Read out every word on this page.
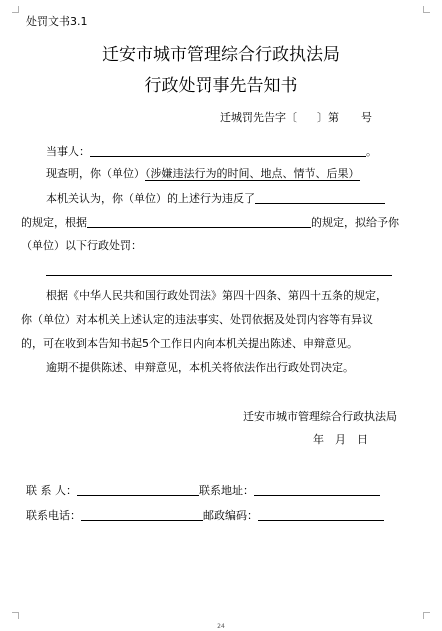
处罚文书3.1
迁安市城市管理综合行政执法局
行政处罚事先告知书
迁城罚先告字〔 〕第 号
当事人：	。
现查明，你（单位）（涉嫌违法行为的时间、地点、情节、后果）
本机关认为，你（单位）的上述行为违反了
的规定，根据	的规定，拟给予你
（单位）以下行政处罚：
根据《中华人民共和国行政处罚法》第四十四条、第四十五条的规定，
你（单位）对本机关上述认定的违法事实、处罚依据及处罚内容等有异议
的，可在收到本告知书起5个工作日内向本机关提出陈述、申辩意见。
逾期不提供陈述、申辩意见，本机关将依法作出行政处罚决定。
迁安市城市管理综合行政执法局
年　月　日
联 系 人：	联系地址：
联系电话：	邮政编码：
24
